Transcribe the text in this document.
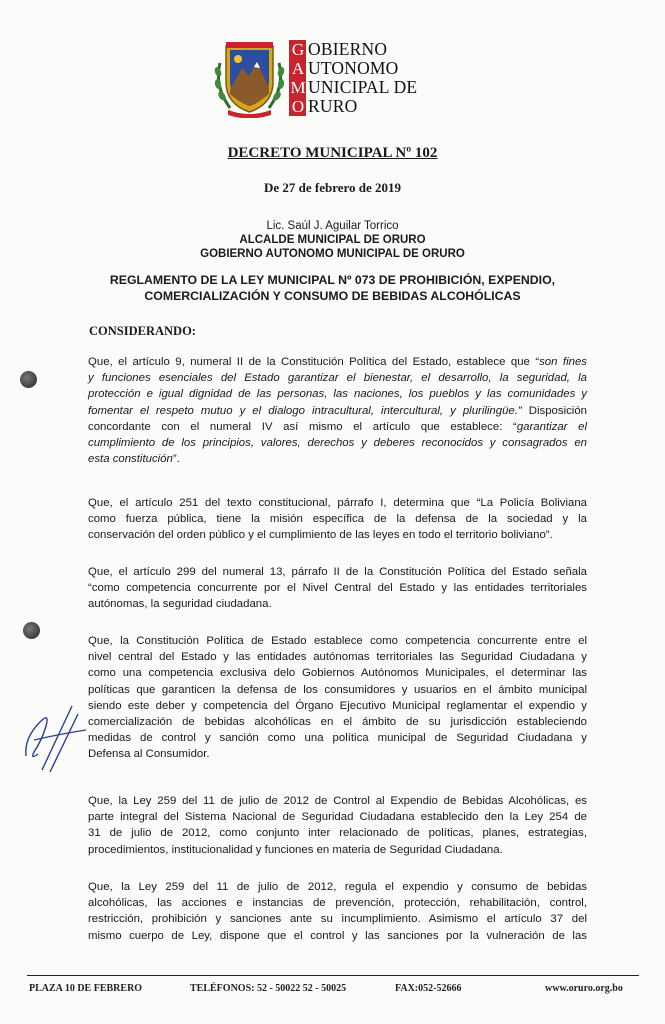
G OBIERNO
A UTONOMO
M UNICIPAL DE
O RURO
DECRETO MUNICIPAL Nº 102
De 27 de febrero de 2019
Lic. Saúl J. Aguilar Torrico
ALCALDE MUNICIPAL DE ORURO
GOBIERNO AUTONOMO MUNICIPAL DE ORURO
REGLAMENTO DE LA LEY MUNICIPAL Nº 073 DE PROHIBICIÓN, EXPENDIO,
COMERCIALIZACIÓN Y CONSUMO DE BEBIDAS ALCOHÓLICAS
CONSIDERANDO:
Que, el artículo 9, numeral II de la Constitución Política del Estado, establece que “son fines
y funciones esenciales del Estado garantizar el bienestar, el desarrollo, la seguridad, la
protección e igual dignidad de las personas, las naciones, los pueblos y las comunidades y
fomentar el respeto mutuo y el dialogo intracultural, intercultural, y plurilingüe.” Disposición
concordante con el numeral IV así mismo el artículo que establece: “garantizar el
cumplimiento de los principios, valores, derechos y deberes reconocidos y consagrados en
esta constitución”.
Que, el artículo 251 del texto constitucional, párrafo I, determina que “La Policía Boliviana
como fuerza pública, tiene la misión específica de la defensa de la sociedad y la
conservación del orden público y el cumplimiento de las leyes en todo el territorio boliviano”.
Que, el artículo 299 del numeral 13, párrafo II de la Constitución Política del Estado señala
“como competencia concurrente por el Nivel Central del Estado y las entidades territoriales
autónomas, la seguridad ciudadana.
Que, la Constitución Política de Estado establece como competencia concurrente entre el
nivel central del Estado y las entidades autónomas territoriales las Seguridad Ciudadana y
como una competencia exclusiva delo Gobiernos Autónomos Municipales, el determinar las
políticas que garanticen la defensa de los consumidores y usuarios en el ámbito municipal
siendo este deber y competencia del Órgano Ejecutivo Municipal reglamentar el expendio y
comercialización de bebidas alcohólicas en el ámbito de su jurisdicción estableciendo
medidas de control y sanción como una política municipal de Seguridad Ciudadana y
Defensa al Consumidor.
Que, la Ley 259 del 11 de julio de 2012 de Control al Expendio de Bebidas Alcohólicas, es
parte integral del Sistema Nacional de Seguridad Ciudadana establecido den la Ley 254 de
31 de julio de 2012, como conjunto inter relacionado de políticas, planes, estrategias,
procedimientos, institucionalidad y funciones en materia de Seguridad Ciudadana.
Que, la Ley 259 del 11 de julio de 2012, regula el expendio y consumo de bebidas
alcohólicas, las acciones e instancias de prevención, protección, rehabilitación, control,
restricción, prohibición y sanciones ante su incumplimiento. Asimismo el artículo 37 del
mismo cuerpo de Ley, dispone que el control y las sanciones por la vulneración de las
PLAZA 10 DE FEBRERO	TELÉFONOS: 52 - 50022 52 - 50025	FAX:052-52666	www.oruro.org.bo
